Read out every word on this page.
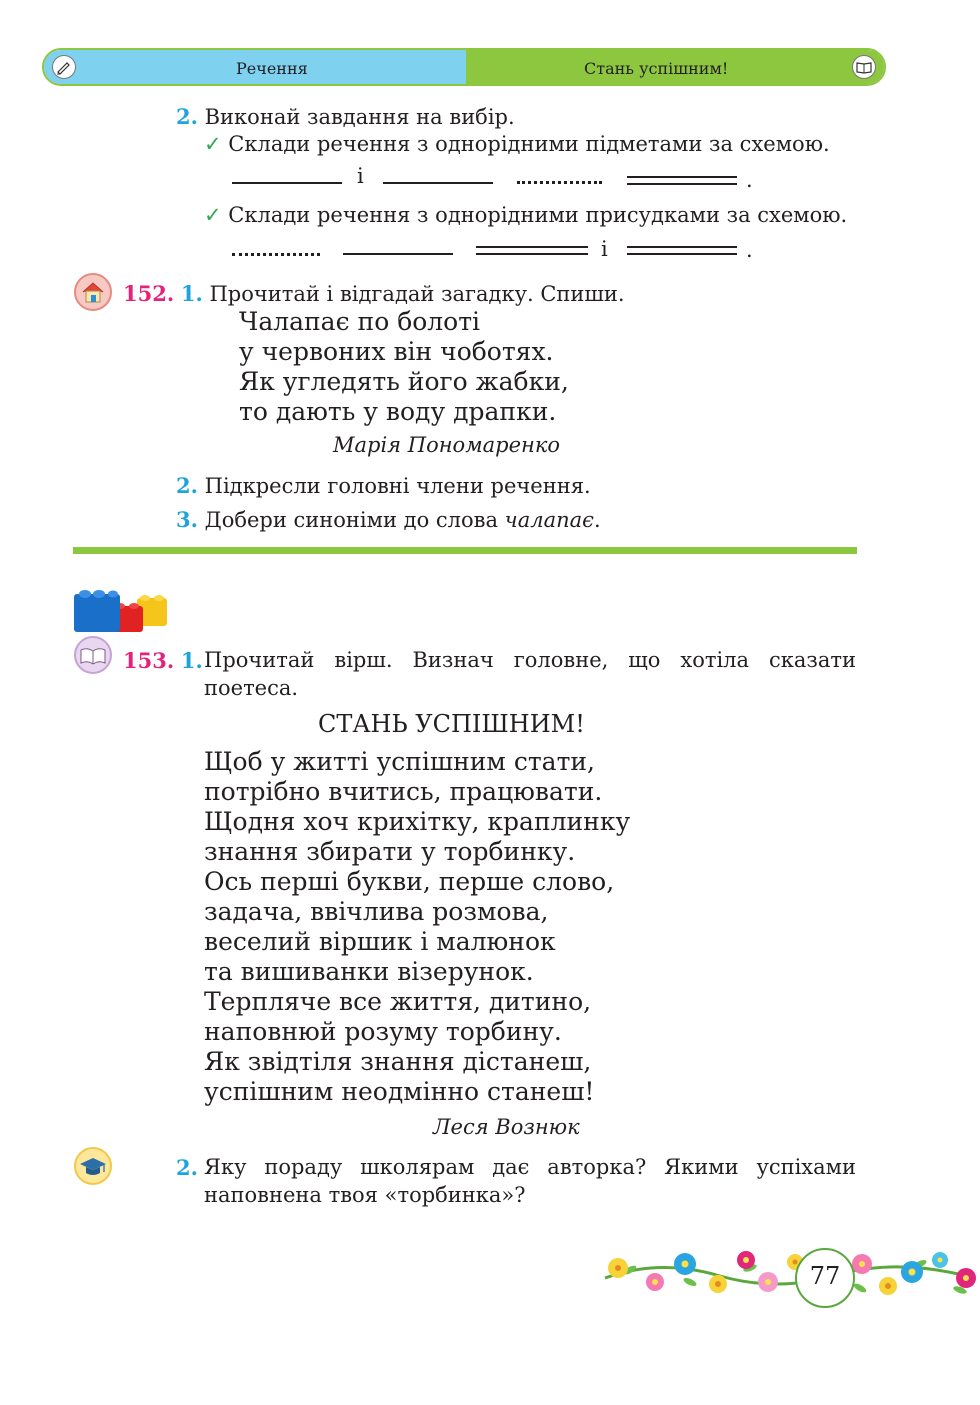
Речення	Стань успішним!
2. Виконай завдання на вибір.
✓ Склади речення з однорідними підметами за схемою.
і	.
✓ Склади речення з однорідними присудками за схемою.
і	.
152. 1. Прочитай і відгадай загадку. Спиши.
Чалапає по болоті
у червоних він чоботях.
Як угледять його жабки,
то дають у воду драпки.
Марія Пономаренко
2. Підкресли головні члени речення.
3. Добери синоніми до слова чалапає.
153. 1. Прочитай вірш. Визнач головне, що хотіла сказати
поетеса.
СТАНЬ УСПІШНИМ!
Щоб у житті успішним стати,
потрібно вчитись, працювати.
Щодня хоч крихітку, краплинку
знання збирати у торбинку.
Ось перші букви, перше слово,
задача, ввічлива розмова,
веселий віршик і малюнок
та вишиванки візерунок.
Терпляче все життя, дитино,
наповнюй розуму торбину.
Як звідтіля знання дістанеш,
успішним неодмінно станеш!
Леся Вознюк
2. Яку пораду школярам дає авторка? Якими успіхами
наповнена твоя «торбинка»?
77
